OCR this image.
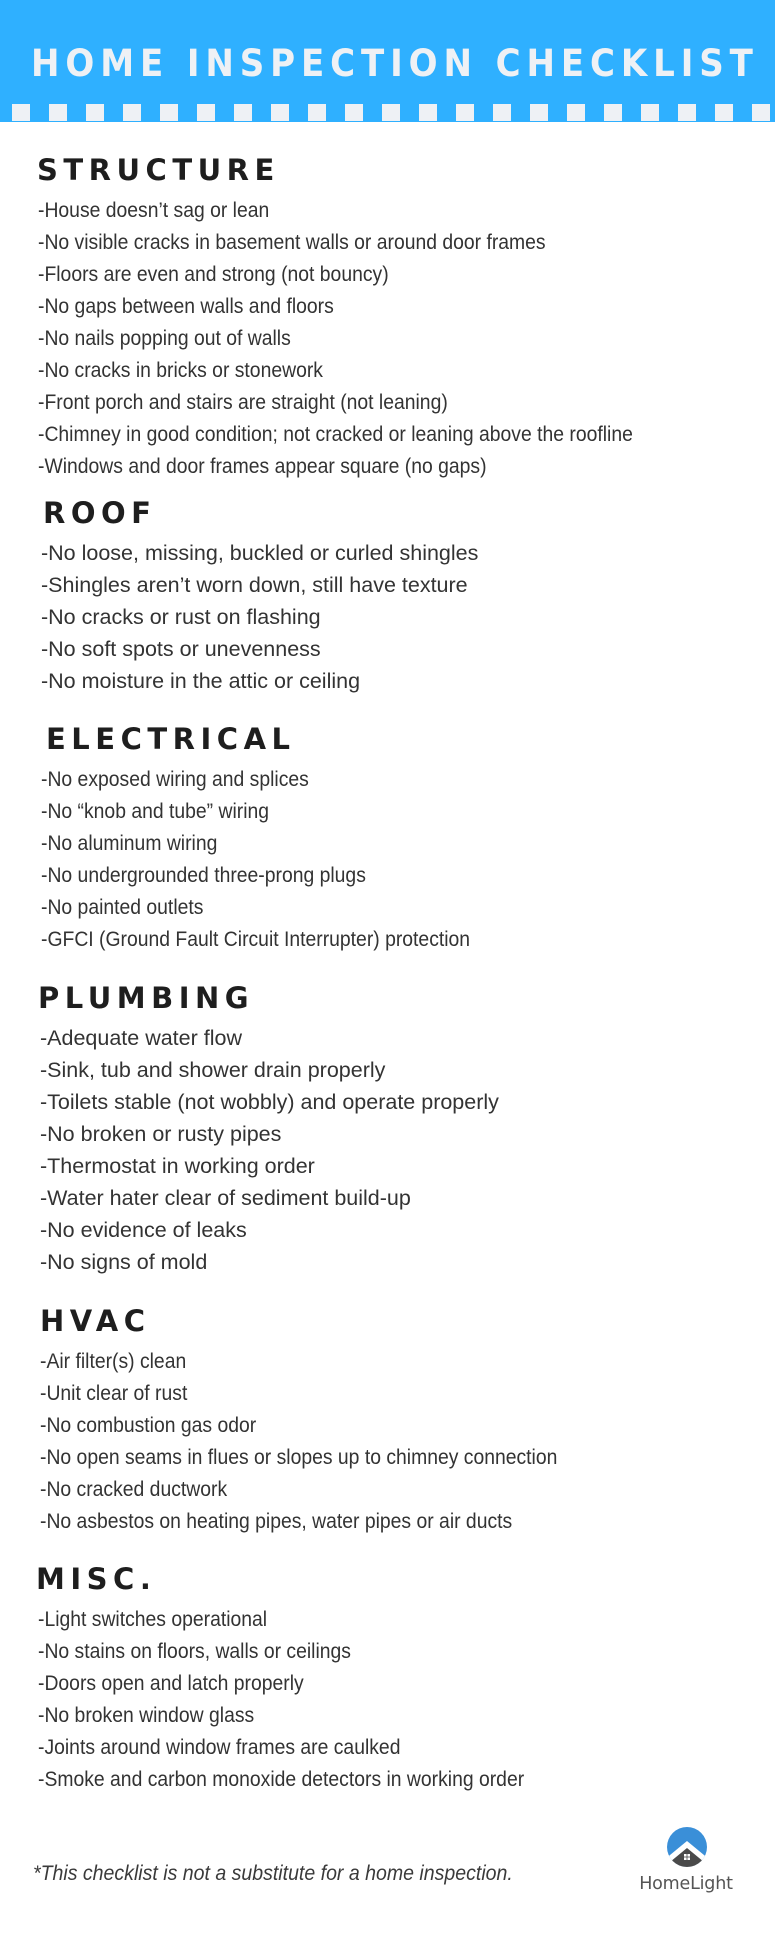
HOME INSPECTION CHECKLIST
STRUCTURE
-House doesn’t sag or lean
-No visible cracks in basement walls or around door frames
-Floors are even and strong (not bouncy)
-No gaps between walls and floors
-No nails popping out of walls
-No cracks in bricks or stonework
-Front porch and stairs are straight (not leaning)
-Chimney in good condition; not cracked or leaning above the roofline
-Windows and door frames appear square (no gaps)
ROOF
-No loose, missing, buckled or curled shingles
-Shingles aren’t worn down, still have texture
-No cracks or rust on flashing
-No soft spots or unevenness
-No moisture in the attic or ceiling
ELECTRICAL
-No exposed wiring and splices
-No “knob and tube” wiring
-No aluminum wiring
-No undergrounded three-prong plugs
-No painted outlets
-GFCI (Ground Fault Circuit Interrupter) protection
PLUMBING
-Adequate water flow
-Sink, tub and shower drain properly
-Toilets stable (not wobbly) and operate properly
-No broken or rusty pipes
-Thermostat in working order
-Water hater clear of sediment build-up
-No evidence of leaks
-No signs of mold
HVAC
-Air filter(s) clean
-Unit clear of rust
-No combustion gas odor
-No open seams in flues or slopes up to chimney connection
-No cracked ductwork
-No asbestos on heating pipes, water pipes or air ducts
MISC.
-Light switches operational
-No stains on floors, walls or ceilings
-Doors open and latch properly
-No broken window glass
-Joints around window frames are caulked
-Smoke and carbon monoxide detectors in working order
*This checklist is not a substitute for a home inspection.	HomeLight
